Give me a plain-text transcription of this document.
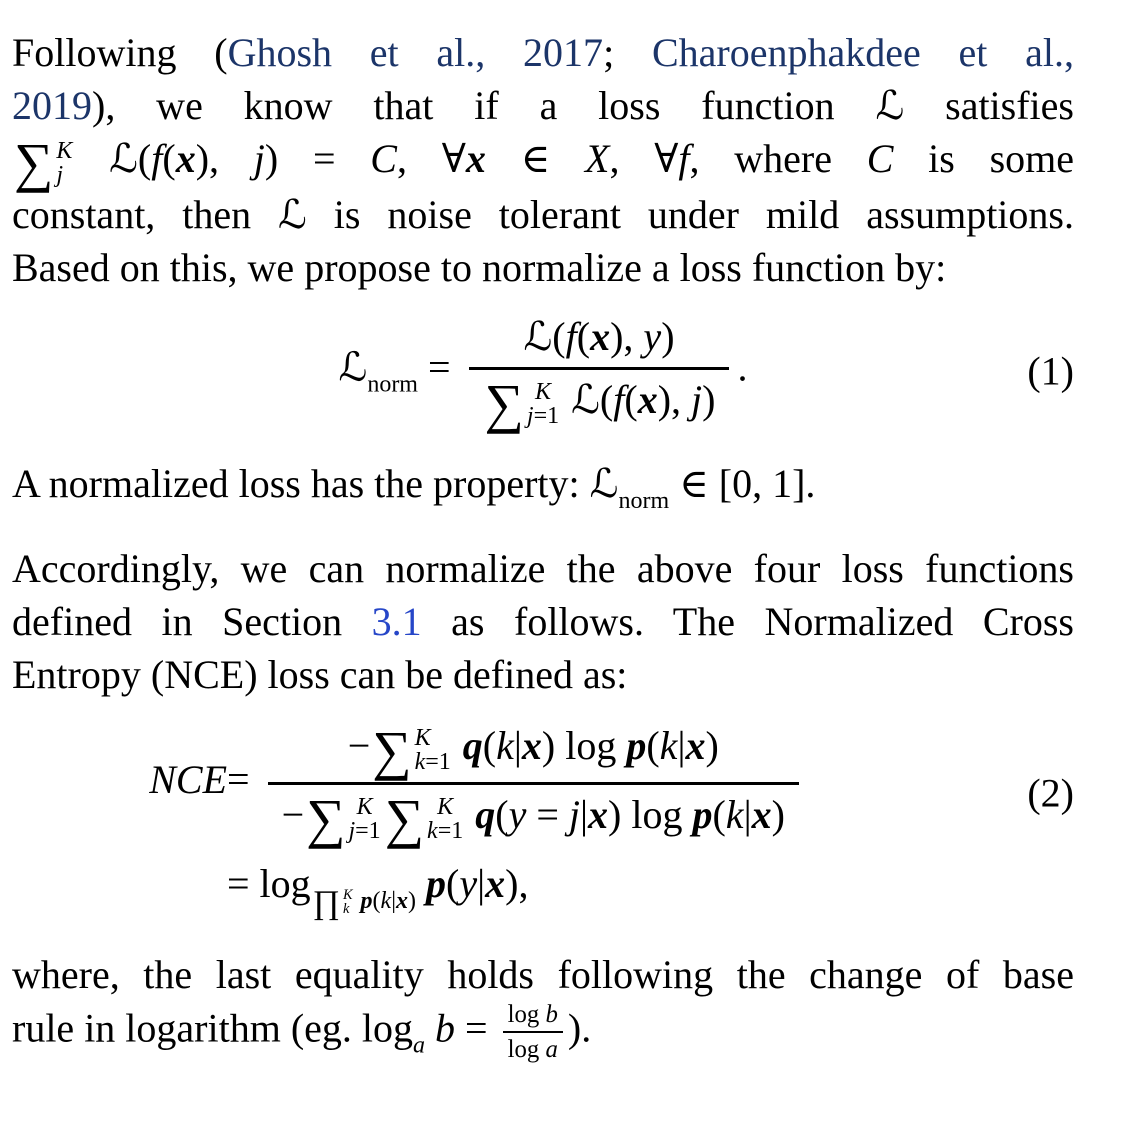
Following (Ghosh et al., 2017; Charoenphakdee et al.,
2019), we know that if a loss function ℒ satisfies
∑ K
j ℒ(f(x), j) = C, ∀x ∈ X, ∀f, where C is some
constant, then ℒ is noise tolerant under mild assumptions.
Based on this, we propose to normalize a loss function by:
ℒ$_{norm}$ = ℒ(f(x), y)
∑ K
j=1 ℒ(f(x), j) .	(1)
A normalized loss has the property: ℒ$_{norm}$ ∈ [0, 1].
Accordingly, we can normalize the above four loss functions
defined in Section 3.1 as follows. The Normalized Cross
Entropy (NCE) loss can be defined as:
NCE = − ∑ K
k=1 q(k|x) log p(k|x)
− ∑ K
j=1 ∑ K
k=1 q(y = j|x) log p(k|x)
= log $_{\prod K k p(k|x)}$ p(y|x),
(2)
where, the last equality holds following the change of base
rule in logarithm (eg. $\log_a b = \frac{\text{log b}}{\text{log a}}$ ).
